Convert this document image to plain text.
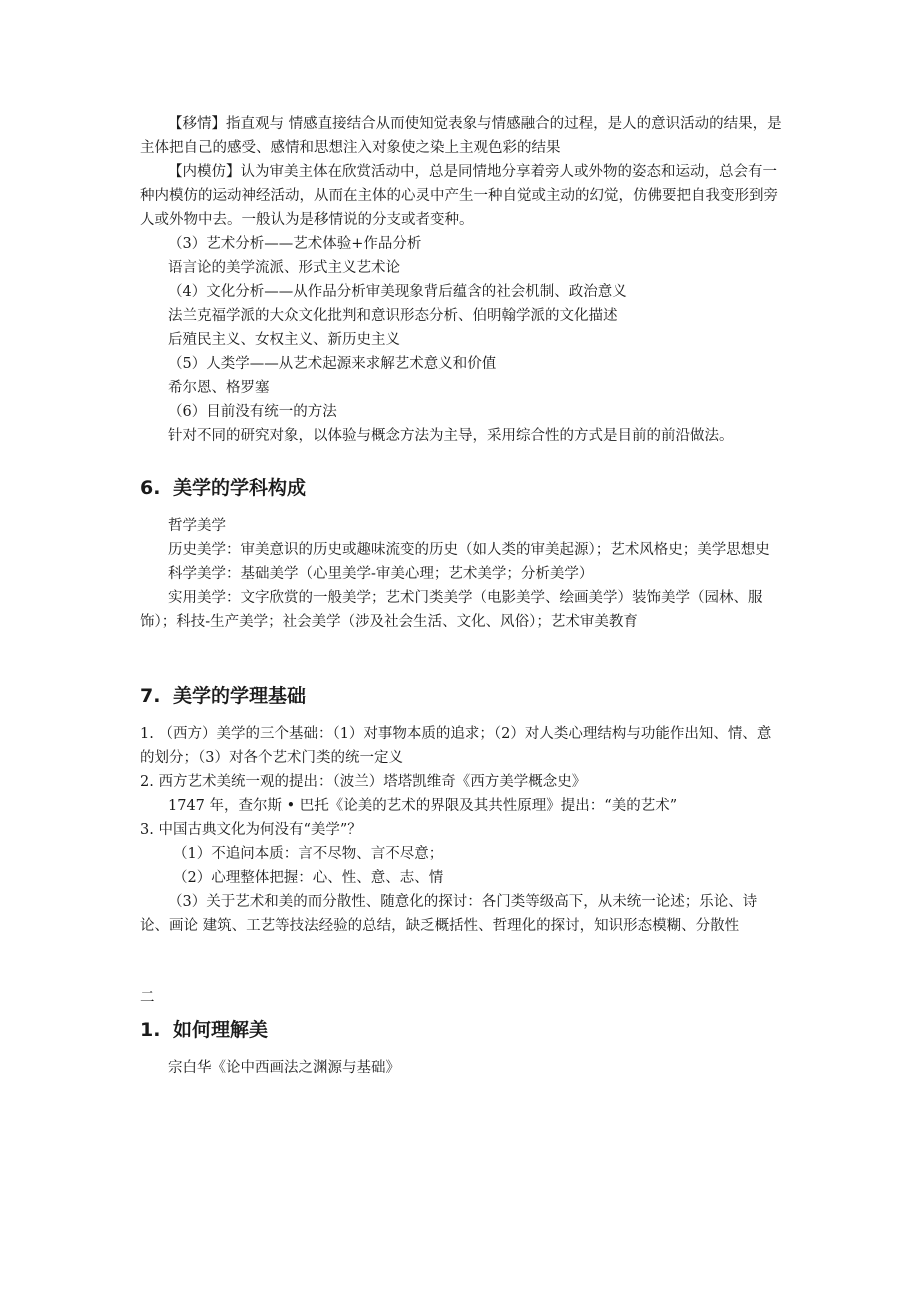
【移情】指直观与 情感直接结合从而使知觉表象与情感融合的过程，是人的意识活动的结果，是主体把自己的感受、感情和思想注入对象使之染上主观色彩的结果

【内模仿】认为审美主体在欣赏活动中，总是同情地分享着旁人或外物的姿态和运动，总会有一种内模仿的运动神经活动，从而在主体的心灵中产生一种自觉或主动的幻觉，仿佛要把自我变形到旁人或外物中去。一般认为是移情说的分支或者变种。

（3）艺术分析——艺术体验+作品分析

语言论的美学流派、形式主义艺术论

（4）文化分析——从作品分析审美现象背后蕴含的社会机制、政治意义

法兰克福学派的大众文化批判和意识形态分析、伯明翰学派的文化描述

后殖民主义、女权主义、新历史主义

（5）人类学——从艺术起源来求解艺术意义和价值

希尔恩、格罗塞

（6）目前没有统一的方法

针对不同的研究对象，以体验与概念方法为主导，采用综合性的方式是目前的前沿做法。

6. 美学的学科构成

哲学美学

历史美学：审美意识的历史或趣味流变的历史（如人类的审美起源）；艺术风格史；美学思想史

科学美学：基础美学（心里美学-审美心理；艺术美学；分析美学）

实用美学：文字欣赏的一般美学；艺术门类美学（电影美学、绘画美学）装饰美学（园林、服饰）；科技-生产美学；社会美学（涉及社会生活、文化、风俗）；艺术审美教育

7. 美学的学理基础

1. （西方）美学的三个基础：（1）对事物本质的追求；（2）对人类心理结构与功能作出知、情、意的划分；（3）对各个艺术门类的统一定义

2. 西方艺术美统一观的提出：（波兰）塔塔凯维奇《西方美学概念史》

1747 年，查尔斯 • 巴托《论美的艺术的界限及其共性原理》提出：“美的艺术”

3. 中国古典文化为何没有“美学”？

（1）不追问本质：言不尽物、言不尽意；

（2）心理整体把握：心、性、意、志、情

（3）关于艺术和美的而分散性、随意化的探讨：各门类等级高下，从未统一论述；乐论、诗论、画论 建筑、工艺等技法经验的总结，缺乏概括性、哲理化的探讨，知识形态模糊、分散性

二

1. 如何理解美

宗白华《论中西画法之渊源与基础》
